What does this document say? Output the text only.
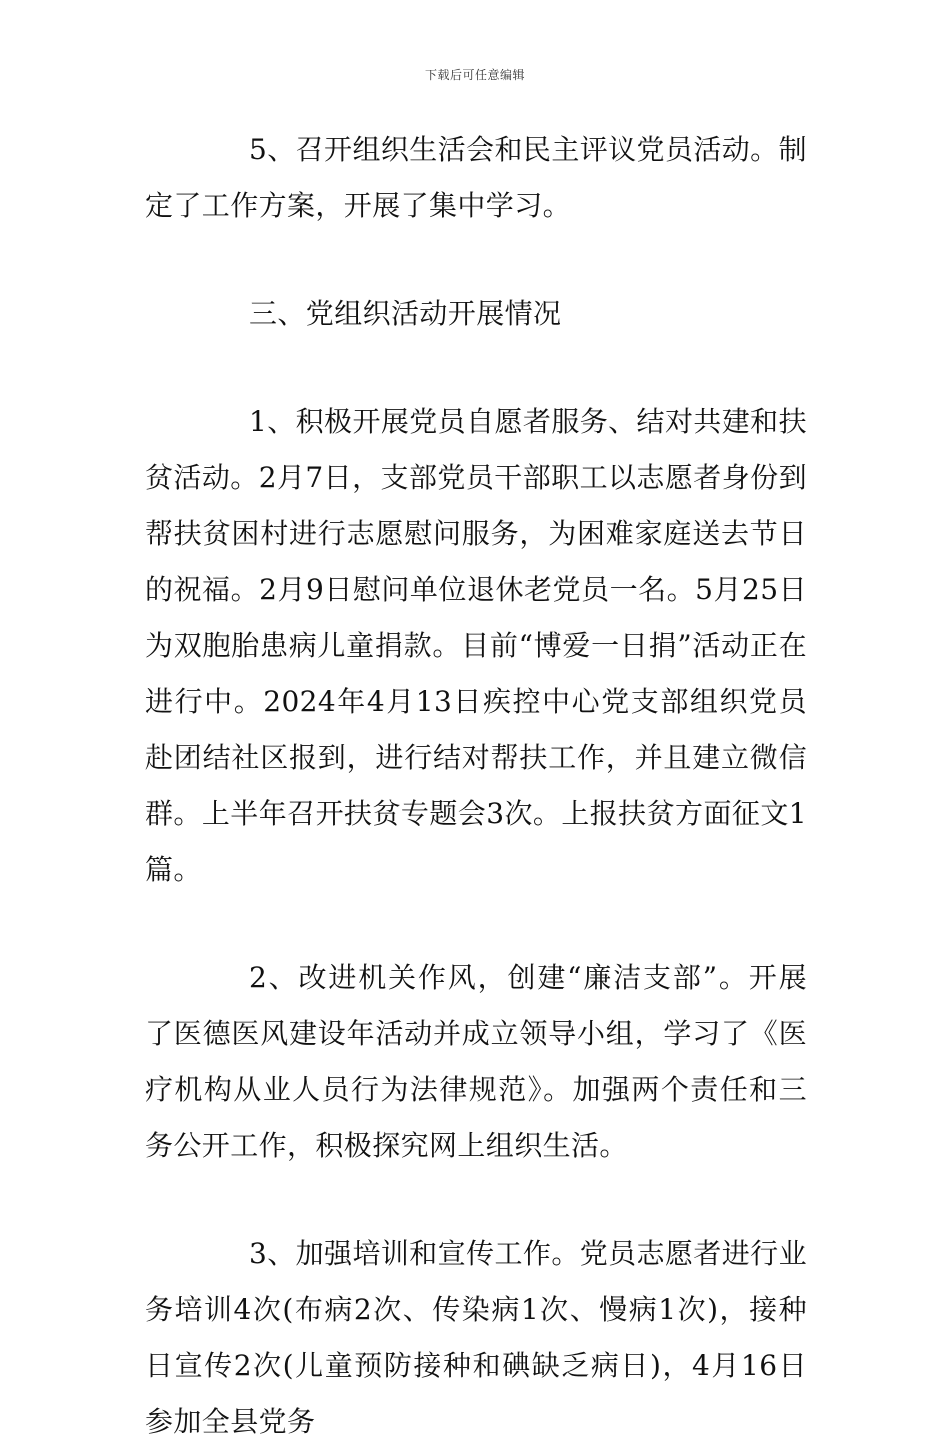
下载后可任意编辑

5、召开组织生活会和民主评议党员活动。制定了工作方案，开展了集中学习。

三、党组织活动开展情况

1、积极开展党员自愿者服务、结对共建和扶贫活动。2月7日，支部党员干部职工以志愿者身份到帮扶贫困村进行志愿慰问服务，为困难家庭送去节日的祝福。2月9日慰问单位退休老党员一名。5月25日为双胞胎患病儿童捐款。目前“博爱一日捐”活动正在进行中。2024年4月13日疾控中心党支部组织党员赴团结社区报到，进行结对帮扶工作，并且建立微信群。上半年召开扶贫专题会3次。上报扶贫方面征文1篇。

2、改进机关作风，创建“廉洁支部”。开展了医德医风建设年活动并成立领导小组，学习了《医疗机构从业人员行为法律规范》。加强两个责任和三务公开工作，积极探究网上组织生活。

3、加强培训和宣传工作。党员志愿者进行业务培训4次(布病2次、传染病1次、慢病1次)，接种日宣传2次(儿童预防接种和碘缺乏病日)，4月16日参加全县党务
